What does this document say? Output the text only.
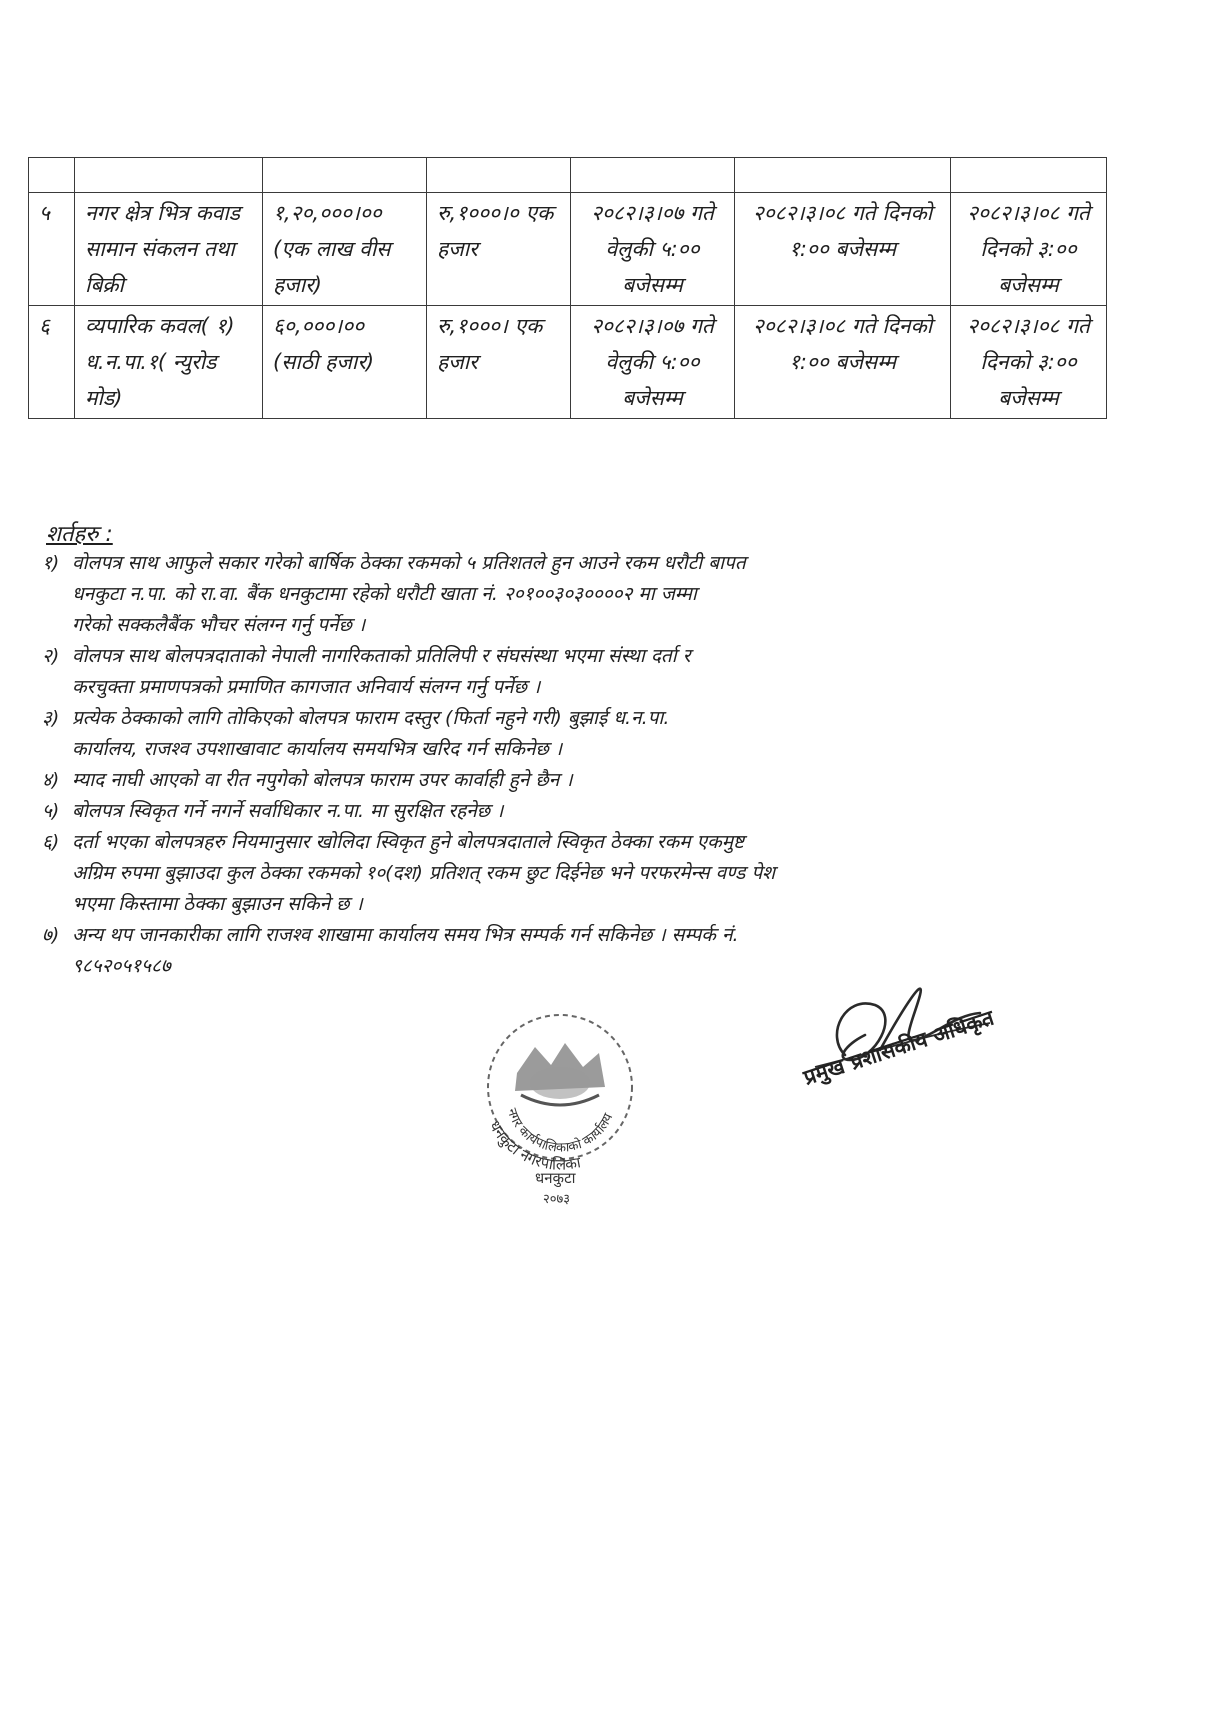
५	नगर क्षेत्र भित्र कवाड सामान संकलन तथा बिक्री	१,२०,०००।०० (एक लाख वीस हजार)	रु,१०००।० एक हजार	२०८२।३।०७ गते वेलुकी ५:०० बजेसम्म	२०८२।३।०८ गते दिनको १:०० बजेसम्म	२०८२।३।०८ गते दिनको ३:०० बजेसम्म
६	व्यपारिक कवल( १) ध.न.पा.१( न्युरोड मोड)	६०,०००।०० (साठी हजार)	रु,१०००। एक हजार	२०८२।३।०७ गते वेलुकी ५:०० बजेसम्म	२०८२।३।०८ गते दिनको १:०० बजेसम्म	२०८२।३।०८ गते दिनको ३:०० बजेसम्म
शर्तहरु :
१) वोलपत्र साथ आफुले सकार गरेको बार्षिक ठेक्का रकमको ५ प्रतिशतले हुन आउने रकम धरौटी बापत
धनकुटा न.पा. को रा.वा. बैंक धनकुटामा रहेको धरौटी खाता नं. २०१००३०३००००२ मा जम्मा
गरेको सक्कलैबैंक भौचर संलग्न गर्नु पर्नेछ ।
२) वोलपत्र साथ बोलपत्रदाताको नेपाली नागरिकताको प्रतिलिपी र संघसंस्था भएमा संस्था दर्ता र
करचुक्ता प्रमाणपत्रको प्रमाणित कागजात अनिवार्य संलग्न गर्नु पर्नेछ ।
३) प्रत्येक ठेक्काको लागि तोकिएको बोलपत्र फाराम दस्तुर (फिर्ता नहुने गरी) बुझाई ध.न.पा.
कार्यालय, राजश्व उपशाखावाट कार्यालय समयभित्र खरिद गर्न सकिनेछ ।
४) म्याद नाघी आएको वा रीत नपुगेको बोलपत्र फाराम उपर कार्वाही हुने छैन ।
५) बोलपत्र स्विकृत गर्ने नगर्ने सर्वाधिकार न.पा. मा सुरक्षित रहनेछ ।
६) दर्ता भएका बोलपत्रहरु नियमानुसार खोलिदा स्विकृत हुने बोलपत्रदाताले स्विकृत ठेक्का रकम एकमुष्ट
अग्रिम रुपमा बुझाउदा कुल ठेक्का रकमको १०(दश) प्रतिशत् रकम छुट दिईनेछ भने परफरमेन्स वण्ड पेश
भएमा किस्तामा ठेक्का बुझाउन सकिने छ ।
७) अन्य थप जानकारीका लागि राजश्व शाखामा कार्यालय समय भित्र सम्पर्क गर्न सकिनेछ । सम्पर्क नं.
९८५२०५१५८७
धनकुटा नगरपालिका
नगर कार्यपालिकाको कार्यालय
धनकुटा
२०७३
प्रमुख प्रशासकीय अधिकृत
